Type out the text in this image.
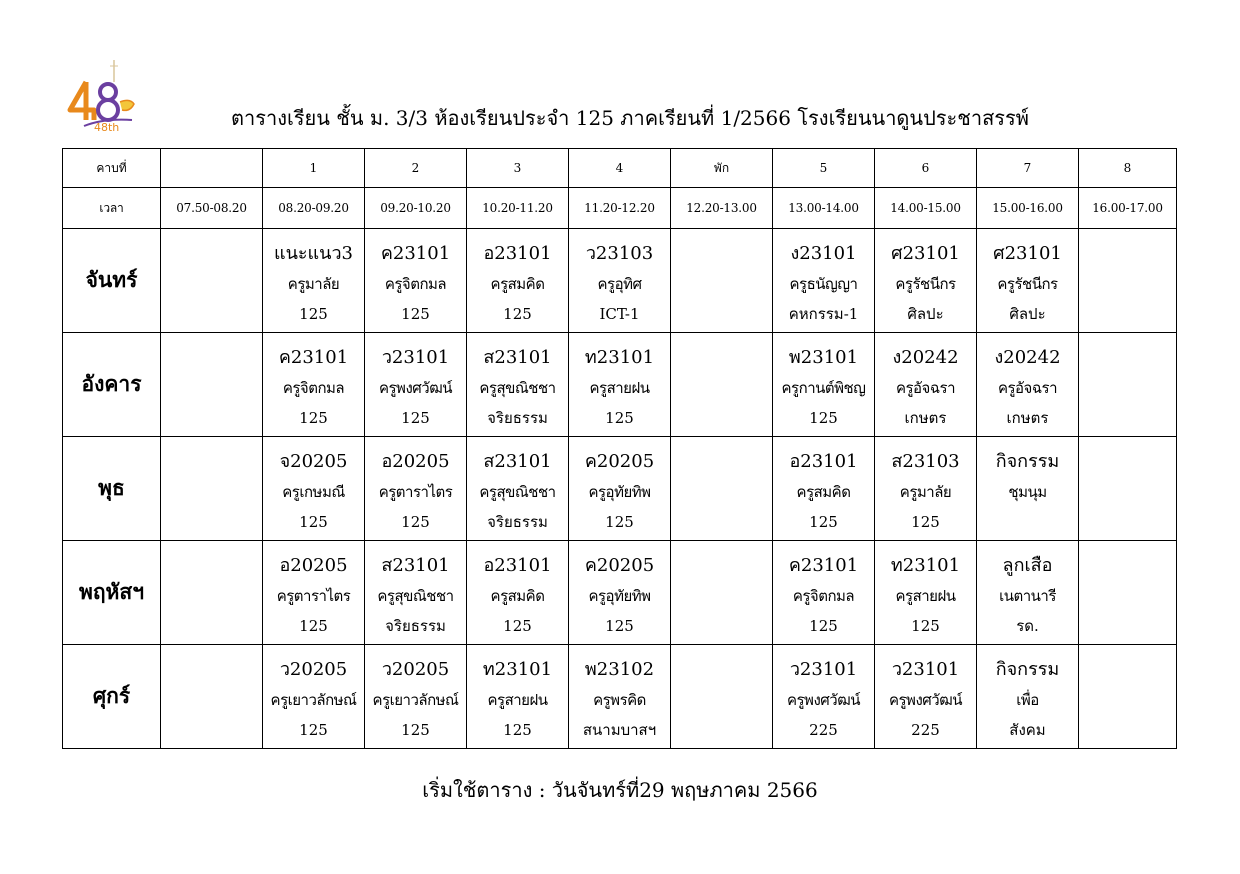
48th	ตารางเรียน ชั้น ม. 3/3 ห้องเรียนประจำ 125 ภาคเรียนที่ 1/2566 โรงเรียนนาดูนประชาสรรพ์
คาบที่		1	2	3	4	พัก	5	6	7	8
เวลา	07.50-08.20	08.20-09.20	09.20-10.20	10.20-11.20	11.20-12.20	12.20-13.00	13.00-14.00	14.00-15.00	15.00-16.00	16.00-17.00
จันทร์		แนะแนว3
ครูมาลัย
125	ค23101
ครูจิตกมล
125	อ23101
ครูสมคิด
125	ว23103
ครูอุทิศ
ICT-1		ง23101
ครูธนัญญา
คหกรรม-1	ศ23101
ครูรัชนีกร
ศิลปะ	ศ23101
ครูรัชนีกร
ศิลปะ	

อังคาร		ค23101
ครูจิตกมล
125	ว23101
ครูพงศวัฒน์
125	ส23101
ครูสุขณิชชา
จริยธรรม	ท23101
ครูสายฝน
125		พ23101
ครูกานต์พิชญ
125	ง20242
ครูอัจฉรา
เกษตร	ง20242
ครูอัจฉรา
เกษตร	

พุธ		จ20205
ครูเกษมณี
125	อ20205
ครูตาราไตร
125	ส23101
ครูสุขณิชชา
จริยธรรม	ค20205
ครูอุทัยทิพ
125		อ23101
ครูสมคิด
125	ส23103
ครูมาลัย
125	กิจกรรม
ชุมนุม	

พฤหัสฯ		อ20205
ครูตาราไตร
125	ส23101
ครูสุขณิชชา
จริยธรรม	อ23101
ครูสมคิด
125	ค20205
ครูอุทัยทิพ
125		ค23101
ครูจิตกมล
125	ท23101
ครูสายฝน
125	ลูกเสือ
เนตานารี
รด.	

ศุกร์		ว20205
ครูเยาวลักษณ์
125	ว20205
ครูเยาวลักษณ์
125	ท23101
ครูสายฝน
125	พ23102
ครูพรคิด
สนามบาสฯ		ว23101
ครูพงศวัฒน์
225	ว23101
ครูพงศวัฒน์
225	กิจกรรม
เพื่อ
สังคม	

เริ่มใช้ตาราง : วันจันทร์ที่29 พฤษภาคม 2566
